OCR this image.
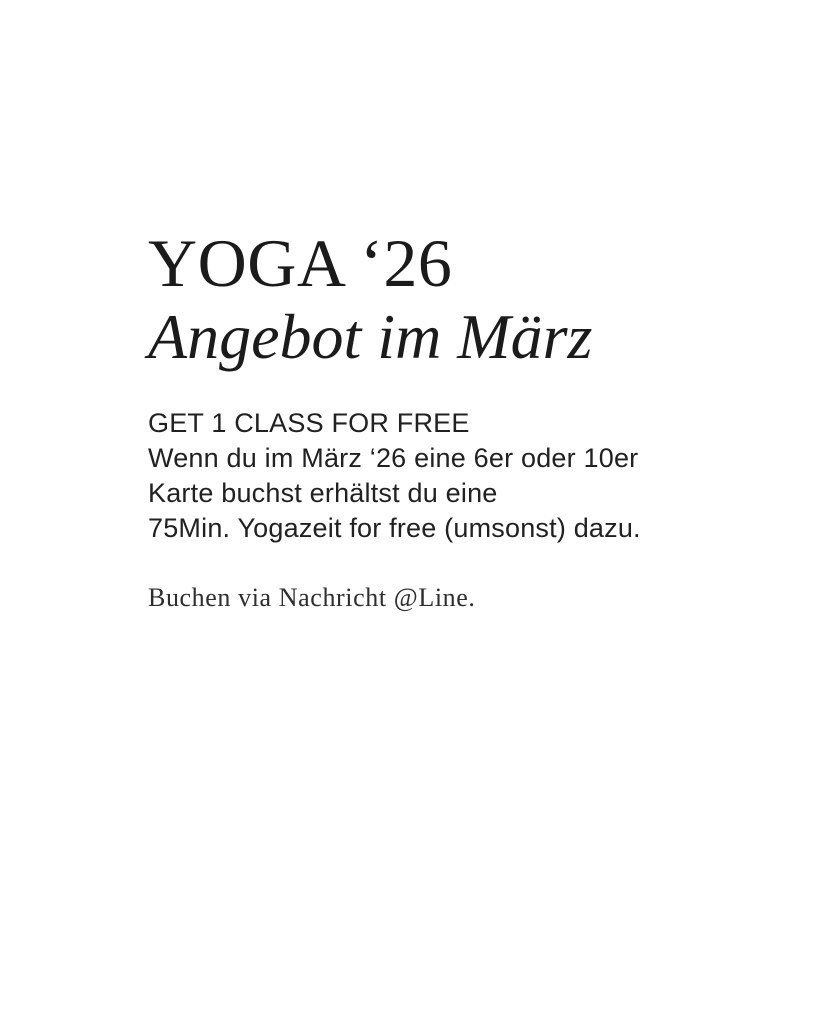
YOGA ‘26
Angebot im März
GET 1 CLASS FOR FREE
Wenn du im März ‘26 eine 6er oder 10er
Karte buchst erhältst du eine
75Min. Yogazeit for free (umsonst) dazu.
Buchen via Nachricht @Line.
